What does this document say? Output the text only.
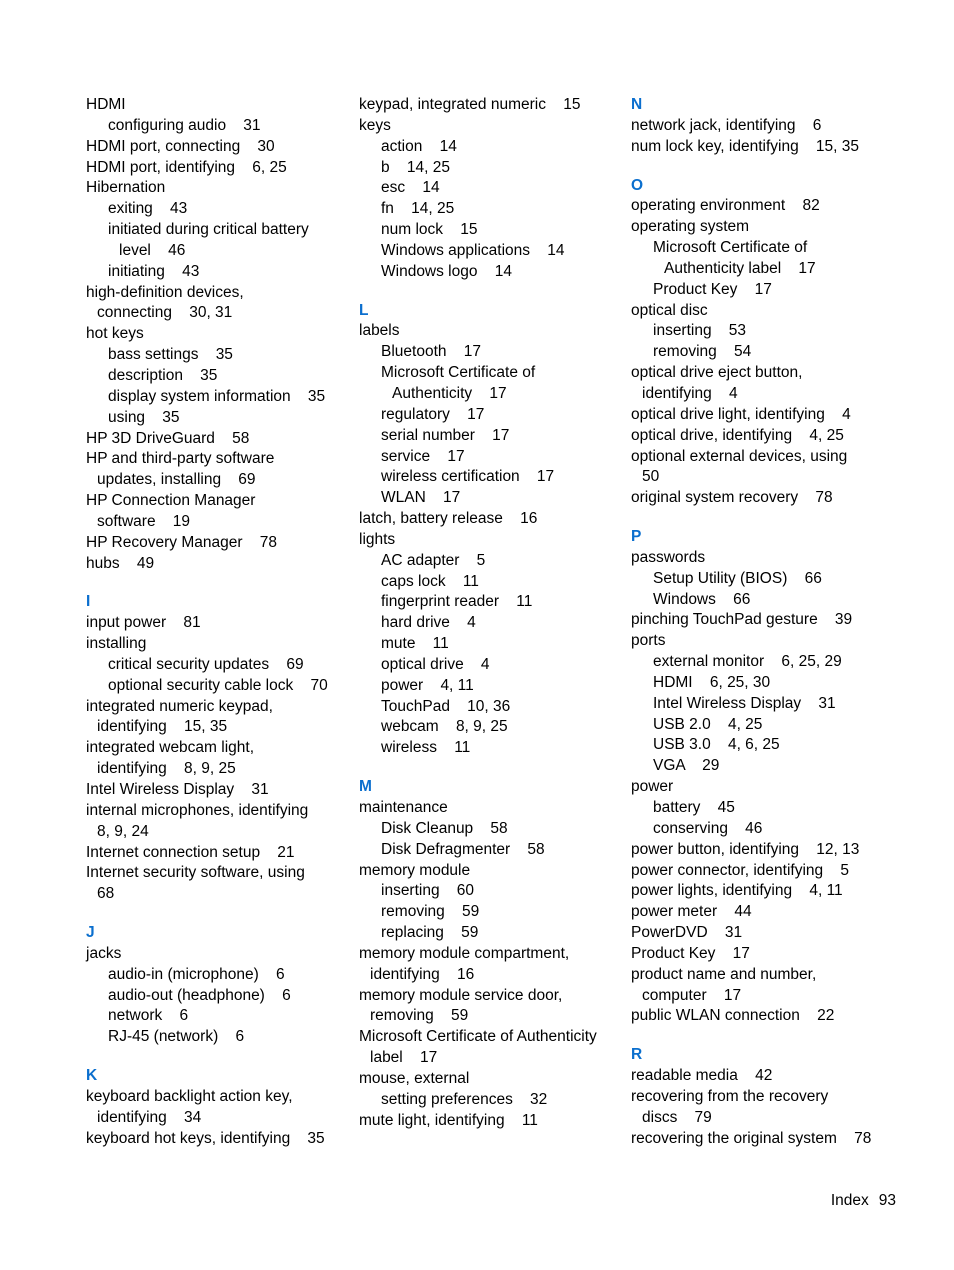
HDMI
configuring audio    31
HDMI port, connecting    30
HDMI port, identifying    6, 25
Hibernation
exiting    43
initiated during critical battery
level    46
initiating    43
high-definition devices,
connecting    30, 31
hot keys
bass settings    35
description    35
display system information    35
using    35
HP 3D DriveGuard    58
HP and third-party software
updates, installing    69
HP Connection Manager
software    19
HP Recovery Manager    78
hubs    49
I
input power    81
installing
critical security updates    69
optional security cable lock    70
integrated numeric keypad,
identifying    15, 35
integrated webcam light,
identifying    8, 9, 25
Intel Wireless Display    31
internal microphones, identifying
8, 9, 24
Internet connection setup    21
Internet security software, using
68
J
jacks
audio-in (microphone)    6
audio-out (headphone)    6
network    6
RJ-45 (network)    6
K
keyboard backlight action key,
identifying    34
keyboard hot keys, identifying    35
keypad, integrated numeric    15
keys
action    14
b    14, 25
esc    14
fn    14, 25
num lock    15
Windows applications    14
Windows logo    14
L
labels
Bluetooth    17
Microsoft Certificate of
Authenticity    17
regulatory    17
serial number    17
service    17
wireless certification    17
WLAN    17
latch, battery release    16
lights
AC adapter    5
caps lock    11
fingerprint reader    11
hard drive    4
mute    11
optical drive    4
power    4, 11
TouchPad    10, 36
webcam    8, 9, 25
wireless    11
M
maintenance
Disk Cleanup    58
Disk Defragmenter    58
memory module
inserting    60
removing    59
replacing    59
memory module compartment,
identifying    16
memory module service door,
removing    59
Microsoft Certificate of Authenticity
label    17
mouse, external
setting preferences    32
mute light, identifying    11
N
network jack, identifying    6
num lock key, identifying    15, 35
O
operating environment    82
operating system
Microsoft Certificate of
Authenticity label    17
Product Key    17
optical disc
inserting    53
removing    54
optical drive eject button,
identifying    4
optical drive light, identifying    4
optical drive, identifying    4, 25
optional external devices, using
50
original system recovery    78
P
passwords
Setup Utility (BIOS)    66
Windows    66
pinching TouchPad gesture    39
ports
external monitor    6, 25, 29
HDMI    6, 25, 30
Intel Wireless Display    31
USB 2.0    4, 25
USB 3.0    4, 6, 25
VGA    29
power
battery    45
conserving    46
power button, identifying    12, 13
power connector, identifying    5
power lights, identifying    4, 11
power meter    44
PowerDVD    31
Product Key    17
product name and number,
computer    17
public WLAN connection    22
R
readable media    42
recovering from the recovery
discs    79
recovering the original system    78
Index 93
